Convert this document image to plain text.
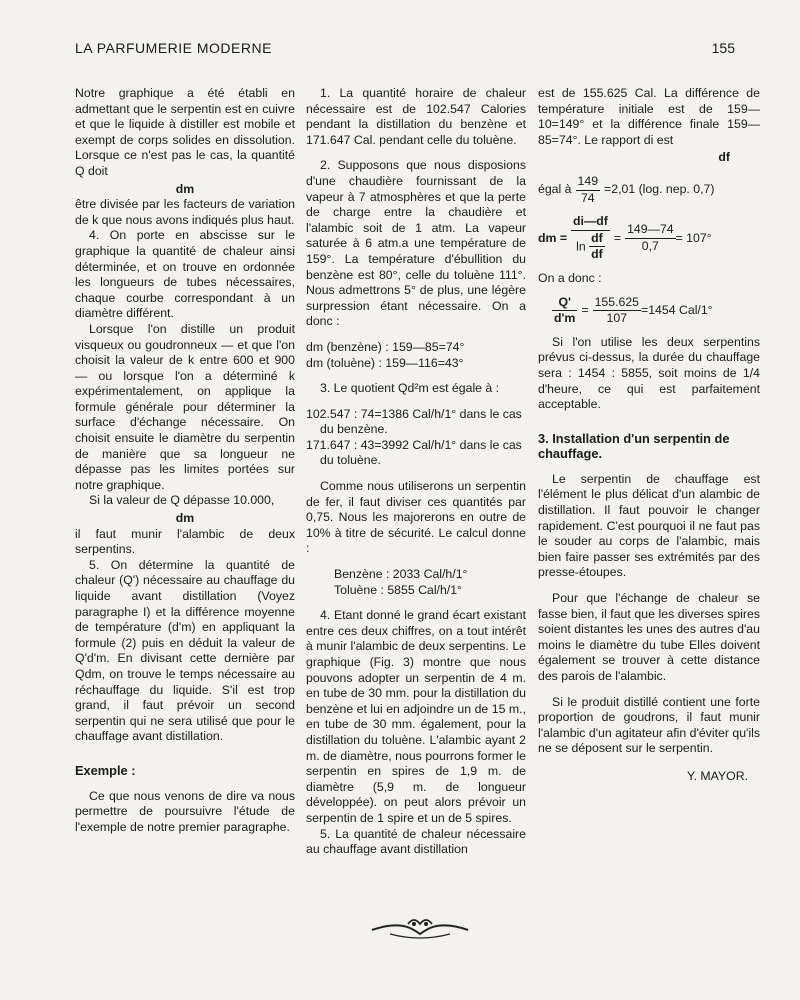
LA PARFUMERIE MODERNE	155

Notre graphique a été établi en admettant que le serpentin est en cuivre et que le liquide à distiller est mobile et exempt de corps solides en dissolution. Lorsque ce n'est pas le cas, la quantité Q doit

dm

être divisée par les facteurs de variation de k que nous avons indiqués plus haut.

4. On porte en abscisse sur le graphique la quantité de chaleur ainsi déterminée, et on trouve en ordonnée les longueurs de tubes nécessaires, chaque courbe correspondant à un diamètre différent.

Lorsque l'on distille un produit visqueux ou goudronneux — et que l'on choisit la valeur de k entre 600 et 900 — ou lorsque l'on a déterminé k expérimentalement, on applique la formule générale pour déterminer la surface d'échange nécessaire. On choisit ensuite le diamètre du serpentin de manière que sa longueur ne dépasse pas les limites portées sur notre graphique.

Si la valeur de Q dépasse 10.000,

dm

il faut munir l'alambic de deux serpentins.

5. On détermine la quantité de chaleur (Q') nécessaire au chauffage du liquide avant distillation (Voyez paragraphe I) et la différence moyenne de température (d'm) en appliquant la formule (2) puis en déduit la valeur de Q'd'm. En divisant cette dernière par Qdm, on trouve le temps nécessaire au réchauffage du liquide. S'il est trop grand, il faut prévoir un second serpentin qui ne sera utilisé que pour le chauffage avant distillation.

Exemple :

Ce que nous venons de dire va nous permettre de poursuivre l'étude de l'exemple de notre premier paragraphe.

1. La quantité horaire de chaleur nécessaire est de 102.547 Calories pendant la distillation du benzène et 171.647 Cal. pendant celle du toluène.

2. Supposons que nous disposions d'une chaudière fournissant de la vapeur à 7 atmosphères et que la perte de charge entre la chaudière et l'alambic soit de 1 atm. La vapeur saturée à 6 atm.a une température de 159°. La température d'ébullition du benzène est 80°, celle du toluène 111°. Nous admettrons 5° de plus, une légère surpression étant nécessaire. On a donc :

dm (benzène) : 159—85=74°

dm (toluène) : 159—116=43°

3. Le quotient Qd²m est égale à :

102.547 : 74=1386 Cal/h/1° dans le cas du benzène.

171.647 : 43=3992 Cal/h/1° dans le cas du toluène.

Comme nous utiliserons un serpentin de fer, il faut diviser ces quantités par 0,75. Nous les majorerons en outre de 10% à titre de sécurité. Le calcul donne :

Benzène : 2033 Cal/h/1°

Toluène : 5855 Cal/h/1°

4. Etant donné le grand écart existant entre ces deux chiffres, on a tout intérêt à munir l'alambic de deux serpentins. Le graphique (Fig. 3) montre que nous pouvons adopter un serpentin de 4 m. en tube de 30 mm. pour la distillation du benzène et lui en adjoindre un de 15 m., en tube de 30 mm. également, pour la distillation du toluène. L'alambic ayant 2 m. de diamètre, nous pourrons former le serpentin en spires de 1,9 m. de diamètre (5,9 m. de longueur développée). on peut alors prévoir un serpentin de 1 spire et un de 5 spires.

5. La quantité de chaleur nécessaire au chauffage avant distillation

est de 155.625 Cal. La différence de température initiale est de 159—10=149° et la différence finale 159—85=74°. Le rapport di est

df
égal à $\frac{149}{74} =2,01$ (log. nep. 0,7)
dm = $\frac{di—df}{\ln \frac{df}{df}} = \frac{149—74}{0,7} = 107^\circ$

On a donc :

$\frac{Q'}{d'm} = \frac{155.625}{107} =1454$ Cal/1°

Si l'on utilise les deux serpentins prévus ci-dessus, la durée du chauffage sera : 1454 : 5855, soit moins de 1/4 d'heure, ce qui est parfaitement acceptable.

3. Installation d'un serpentin de chauffage.

Le serpentin de chauffage est l'élément le plus délicat d'un alambic de distillation. Il faut pouvoir le changer rapidement. C'est pourquoi il ne faut pas le souder au corps de l'alambic, mais bien faire passer ses extrémités par des presse-étoupes.

Pour que l'échange de chaleur se fasse bien, il faut que les diverses spires soient distantes les unes des autres d'au moins le diamètre du tube Elles doivent également se trouver à cette distance des parois de l'alambic.

Si le produit distillé contient une forte proportion de goudrons, il faut munir l'alambic d'un agitateur afin d'éviter qu'ils ne se déposent sur le serpentin.

Y. MAYOR.
